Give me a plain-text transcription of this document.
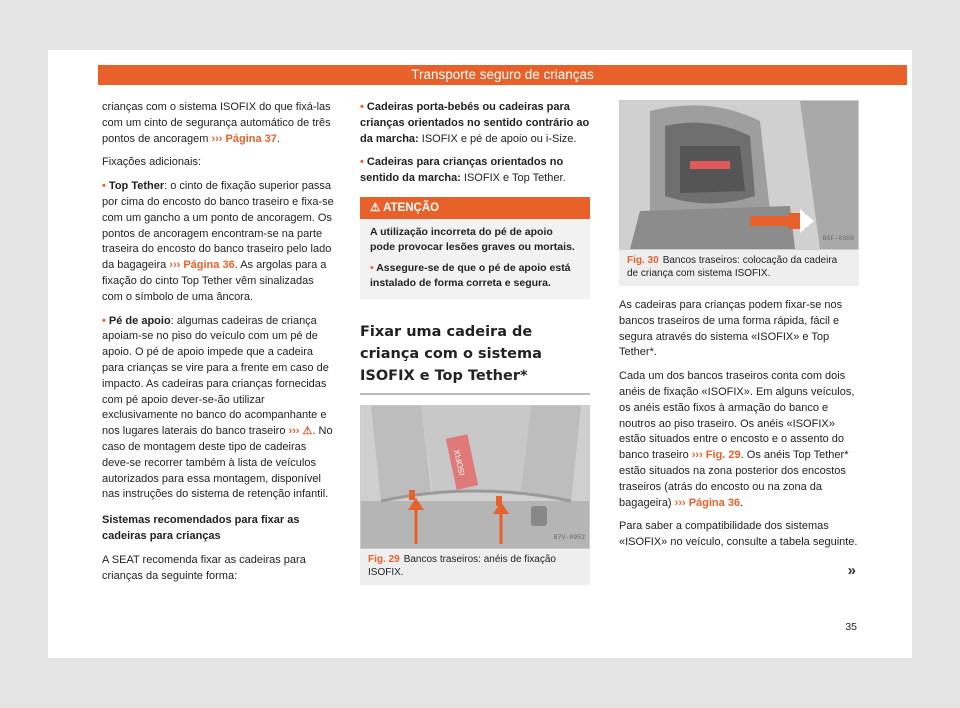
Transporte seguro de crianças

crianças com o sistema ISOFIX do que fixá-las com um cinto de segurança automático de três pontos de ancoragem ››› Página 37.

Fixações adicionais:

• Top Tether: o cinto de fixação superior passa por cima do encosto do banco traseiro e fixa-se com um gancho a um ponto de ancoragem. Os pontos de ancoragem encontram-se na parte traseira do encosto do banco traseiro pelo lado da bagageira ››› Página 36. As argolas para a fixação do cinto Top Tether vêm sinalizadas com o símbolo de uma âncora.

• Pé de apoio: algumas cadeiras de criança apoiam-se no piso do veículo com um pé de apoio. O pé de apoio impede que a cadeira para crianças se vire para a frente em caso de impacto. As cadeiras para crianças fornecidas com pé apoio dever-se-ão utilizar exclusivamente no banco do acompanhante e nos lugares laterais do banco traseiro ››› ⚠. No caso de montagem deste tipo de cadeiras deve-se recorrer também à lista de veículos autorizados para essa montagem, disponível nas instruções do sistema de retenção infantil.

Sistemas recomendados para fixar as cadeiras para crianças

A SEAT recomenda fixar as cadeiras para crianças da seguinte forma:

• Cadeiras porta-bebés ou cadeiras para crianças orientados no sentido contrário ao da marcha: ISOFIX e pé de apoio ou i-Size.

• Cadeiras para crianças orientados no sentido da marcha: ISOFIX e Top Tether.

⚠ ATENÇÃO
A utilização incorreta do pé de apoio pode provocar lesões graves ou mortais.
• Assegure-se de que o pé de apoio está instalado de forma correta e segura.
Fixar uma cadeira de criança com o sistema ISOFIX e Top Tether*
ISOFIX
B7V-0952
Fig. 29 Bancos traseiros: anéis de fixação ISOFIX.
B5F-0359
Fig. 30 Bancos traseiros: colocação da cadeira de criança com sistema ISOFIX.

As cadeiras para crianças podem fixar-se nos bancos traseiros de uma forma rápida, fácil e segura através do sistema «ISOFIX» e Top Tether*.

Cada um dos bancos traseiros conta com dois anéis de fixação «ISOFIX». Em alguns veículos, os anéis estão fixos à armação do banco e noutros ao piso traseiro. Os anéis «ISOFIX» estão situados entre o encosto e o assento do banco traseiro ››› Fig. 29. Os anéis Top Tether* estão situados na zona posterior dos encostos traseiros (atrás do encosto ou na zona da bagageira) ››› Página 36.

Para saber a compatibilidade dos sistemas «ISOFIX» no veículo, consulte a tabela seguinte.

»
35
